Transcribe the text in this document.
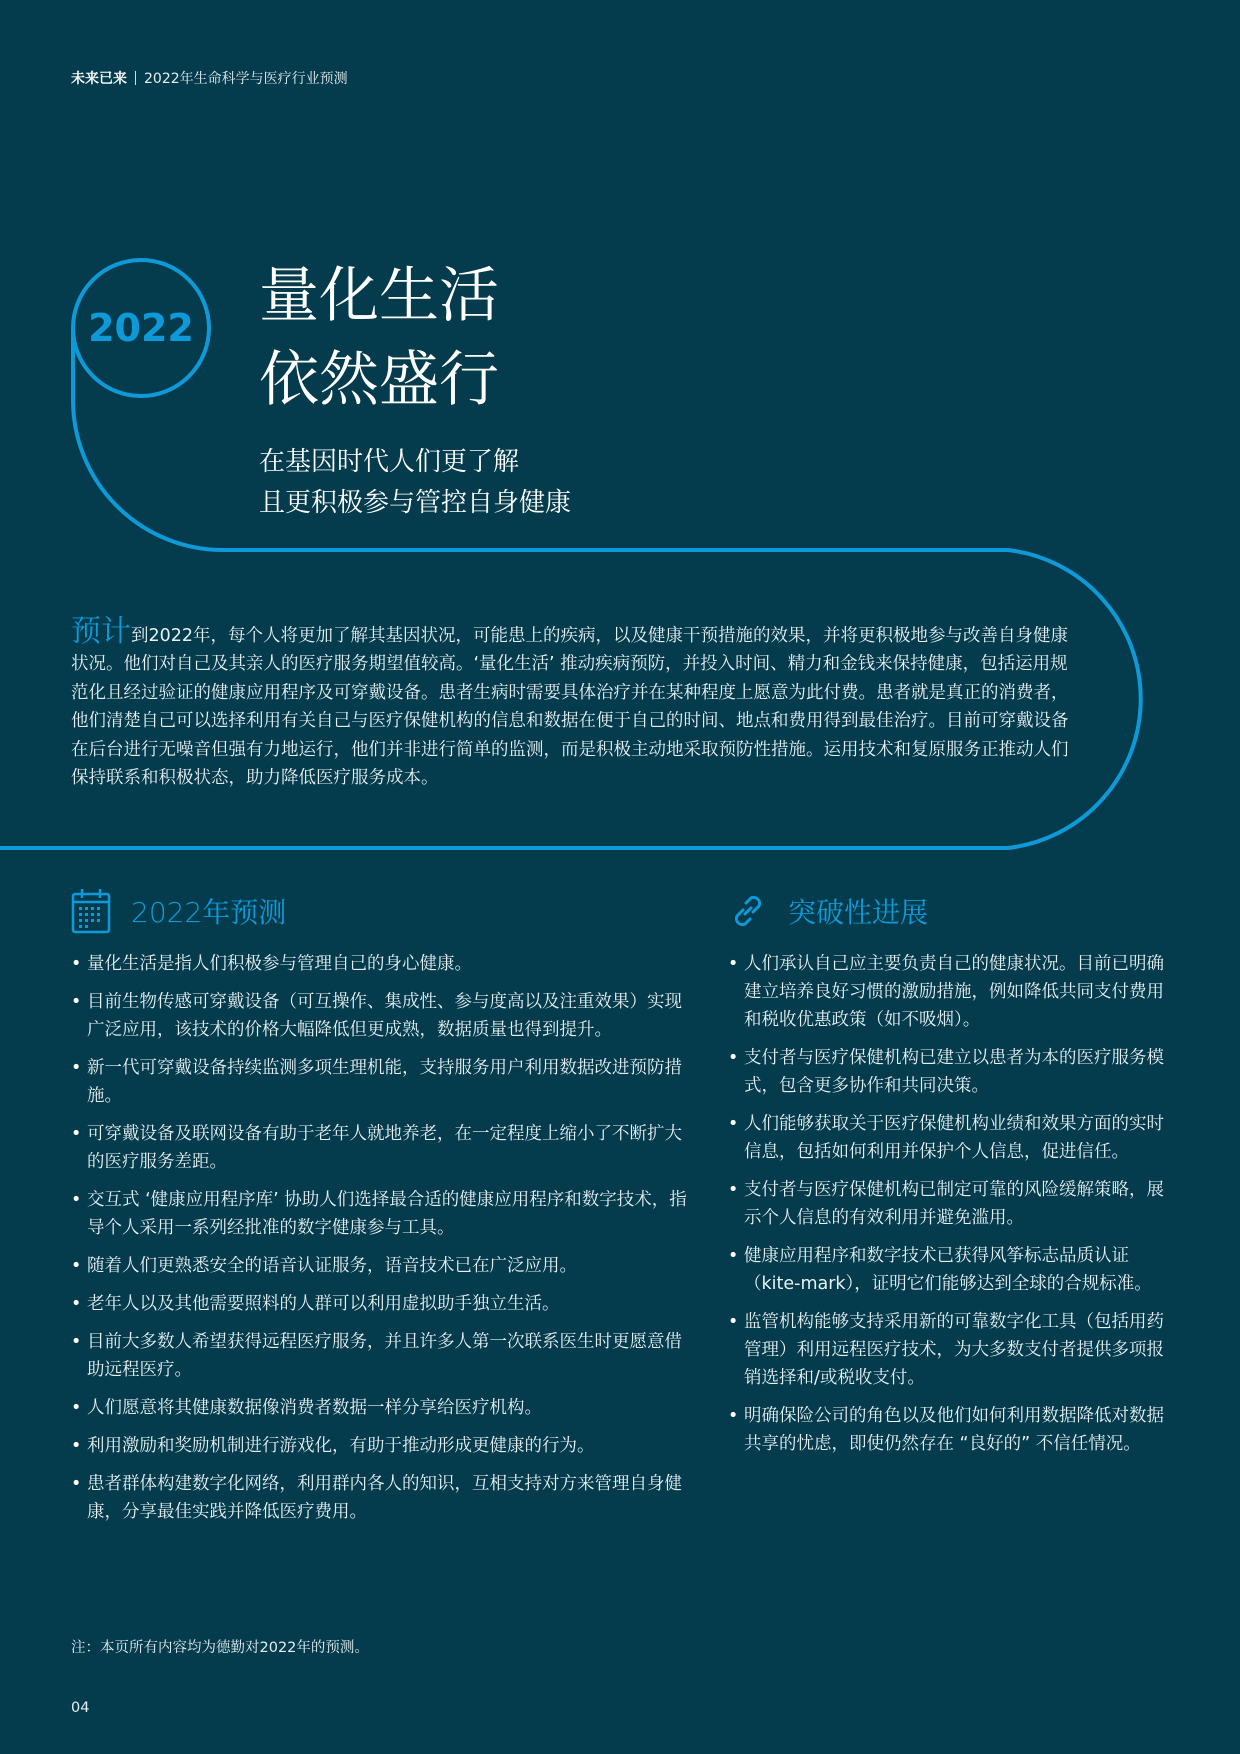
未来已来 2022年生命科学与医疗行业预测
2022 量化生活
依然盛行
在基因时代人们更了解
且更积极参与管控自身健康

预计到2022年，每个人将更加了解其基因状况，可能患上的疾病，以及健康干预措施的效果，并将更积极地参与改善自身健康状况。他们对自己及其亲人的医疗服务期望值较高。‘量化生活’ 推动疾病预防，并投入时间、精力和金钱来保持健康，包括运用规范化且经过验证的健康应用程序及可穿戴设备。患者生病时需要具体治疗并在某种程度上愿意为此付费。患者就是真正的消费者，他们清楚自己可以选择利用有关自己与医疗保健机构的信息和数据在便于自己的时间、地点和费用得到最佳治疗。目前可穿戴设备在后台进行无噪音但强有力地运行，他们并非进行简单的监测，而是积极主动地采取预防性措施。运用技术和复原服务正推动人们保持联系和积极状态，助力降低医疗服务成本。

2022年预测
• 量化生活是指人们积极参与管理自己的身心健康。
• 目前生物传感可穿戴设备（可互操作、集成性、参与度高以及注重效果）实现广泛应用，该技术的价格大幅降低但更成熟，数据质量也得到提升。
• 新一代可穿戴设备持续监测多项生理机能，支持服务用户利用数据改进预防措施。
• 可穿戴设备及联网设备有助于老年人就地养老，在一定程度上缩小了不断扩大的医疗服务差距。
• 交互式 ‘健康应用程序库’ 协助人们选择最合适的健康应用程序和数字技术，指导个人采用一系列经批准的数字健康参与工具。
• 随着人们更熟悉安全的语音认证服务，语音技术已在广泛应用。
• 老年人以及其他需要照料的人群可以利用虚拟助手独立生活。
• 目前大多数人希望获得远程医疗服务，并且许多人第一次联系医生时更愿意借助远程医疗。
• 人们愿意将其健康数据像消费者数据一样分享给医疗机构。
• 利用激励和奖励机制进行游戏化，有助于推动形成更健康的行为。
• 患者群体构建数字化网络，利用群内各人的知识，互相支持对方来管理自身健康，分享最佳实践并降低医疗费用。
突破性进展
• 人们承认自己应主要负责自己的健康状况。目前已明确建立培养良好习惯的激励措施，例如降低共同支付费用和税收优惠政策（如不吸烟）。
• 支付者与医疗保健机构已建立以患者为本的医疗服务模式，包含更多协作和共同决策。
• 人们能够获取关于医疗保健机构业绩和效果方面的实时信息，包括如何利用并保护个人信息，促进信任。
• 支付者与医疗保健机构已制定可靠的风险缓解策略，展示个人信息的有效利用并避免滥用。
• 健康应用程序和数字技术已获得风筝标志品质认证（kite-mark），证明它们能够达到全球的合规标准。
• 监管机构能够支持采用新的可靠数字化工具（包括用药管理）利用远程医疗技术，为大多数支付者提供多项报销选择和/或税收支付。
• 明确保险公司的角色以及他们如何利用数据降低对数据共享的忧虑，即使仍然存在 “良好的” 不信任情况。
注：本页所有内容均为德勤对2022年的预测。
04
